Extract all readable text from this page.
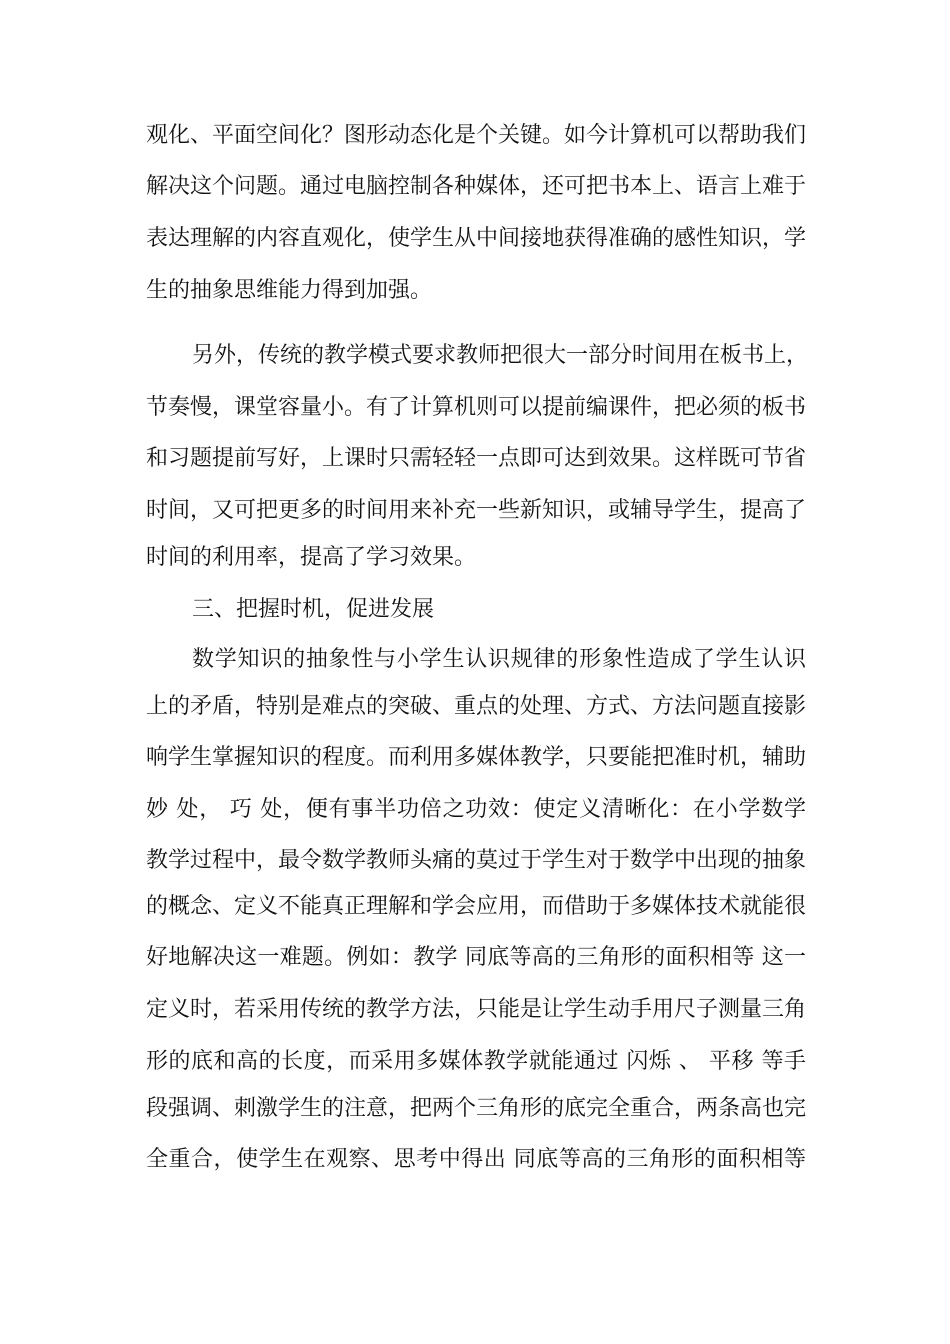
观化、平面空间化？图形动态化是个关键。如今计算机可以帮助我们
解决这个问题。通过电脑控制各种媒体，还可把书本上、语言上难于
表达理解的内容直观化，使学生从中间接地获得准确的感性知识，学
生的抽象思维能力得到加强。
另外，传统的教学模式要求教师把很大一部分时间用在板书上，
节奏慢，课堂容量小。有了计算机则可以提前编课件，把必须的板书
和习题提前写好，上课时只需轻轻一点即可达到效果。这样既可节省
时间，又可把更多的时间用来补充一些新知识，或辅导学生，提高了
时间的利用率，提高了学习效果。
三、把握时机，促进发展
数学知识的抽象性与小学生认识规律的形象性造成了学生认识
上的矛盾，特别是难点的突破、重点的处理、方式、方法问题直接影
响学生掌握知识的程度。而利用多媒体教学，只要能把准时机，辅助
妙 处， 巧 处，便有事半功倍之功效：使定义清晰化：在小学数学
教学过程中，最令数学教师头痛的莫过于学生对于数学中出现的抽象
的概念、定义不能真正理解和学会应用，而借助于多媒体技术就能很
好地解决这一难题。例如：教学 同底等高的三角形的面积相等 这一
定义时，若采用传统的教学方法，只能是让学生动手用尺子测量三角
形的底和高的长度，而采用多媒体教学就能通过 闪烁 、 平移 等手
段强调、刺激学生的注意，把两个三角形的底完全重合，两条高也完
全重合，使学生在观察、思考中得出 同底等高的三角形的面积相等
